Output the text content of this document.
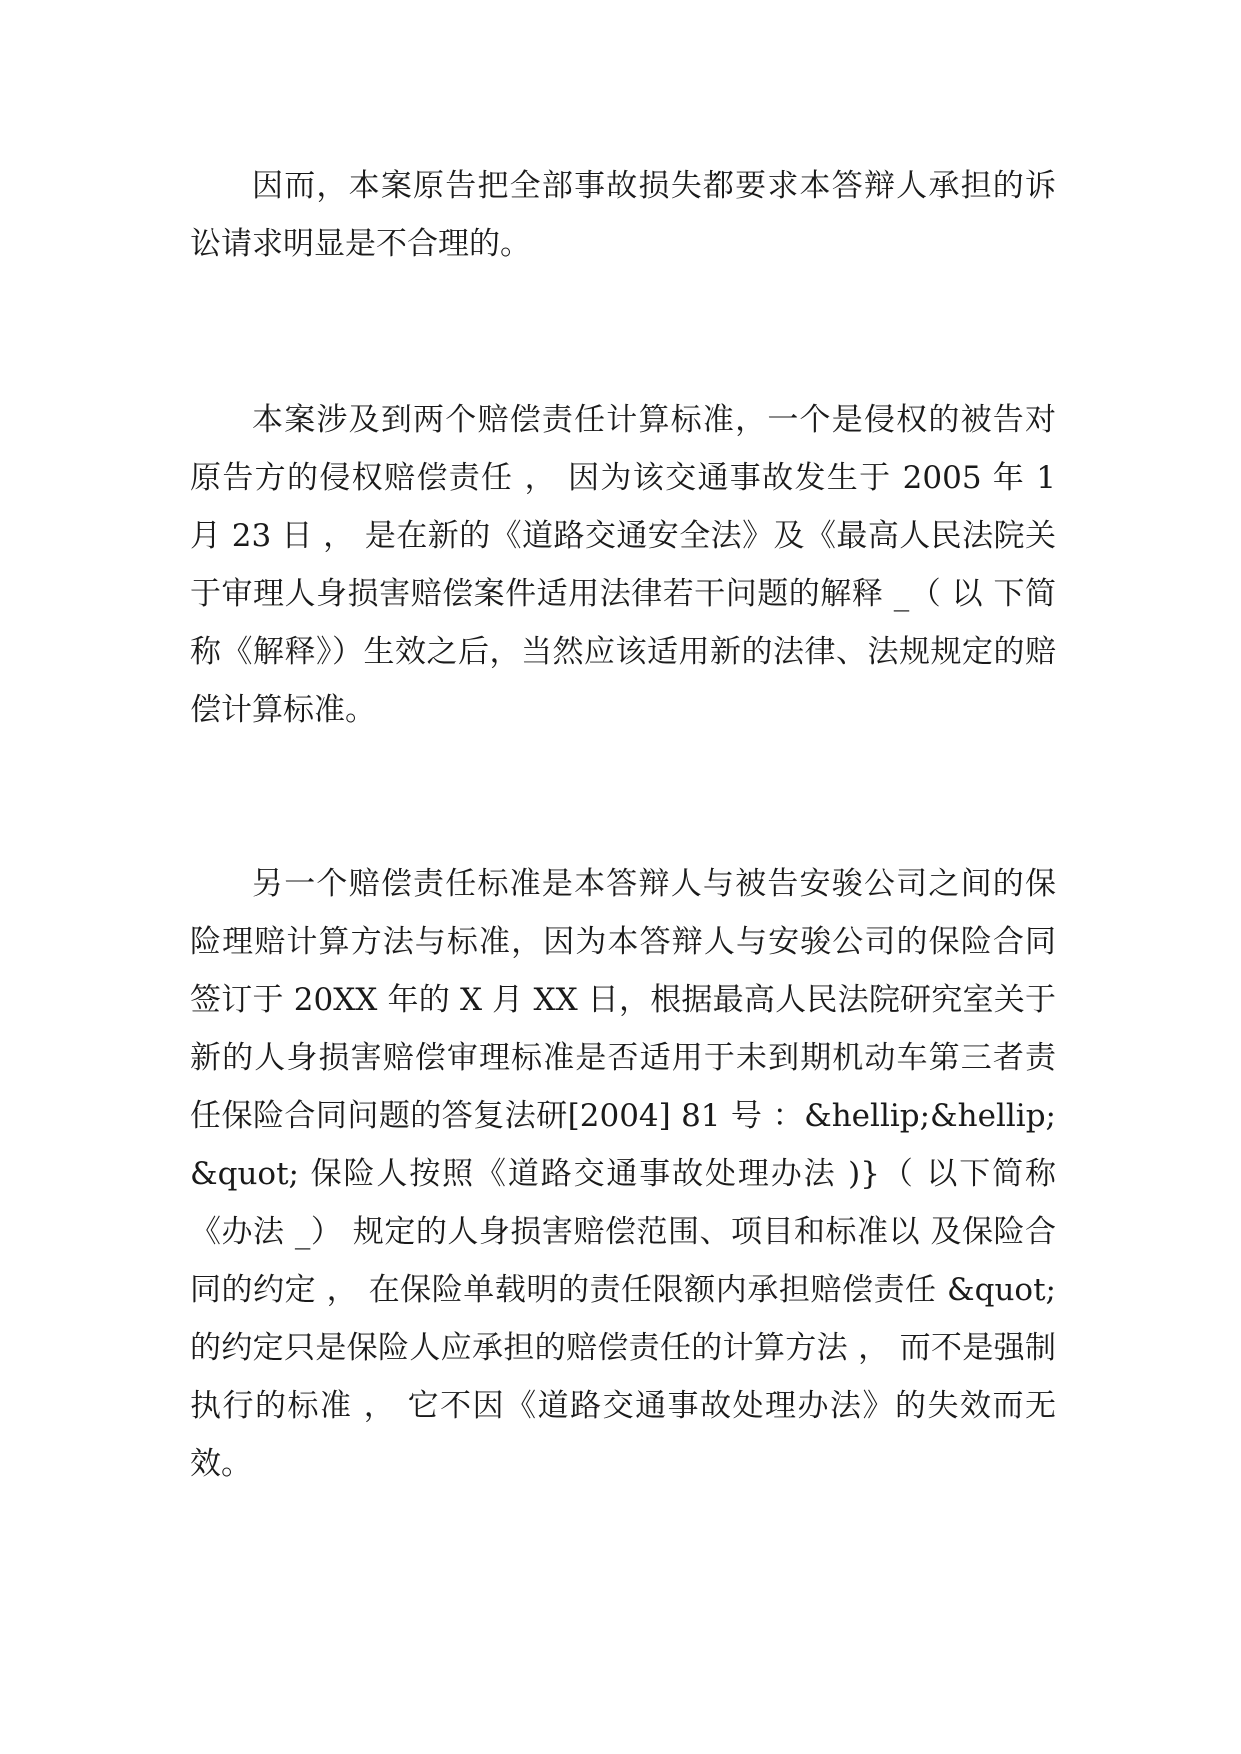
因而，本案原告把全部事故损失都要求本答辩人承担的诉讼请求明显是不合理的。

本案涉及到两个赔偿责任计算标准，一个是侵权的被告对原告方的侵权赔偿责任 ， 因为该交通事故发生于 2005 年 1 月 23 日 ， 是在新的《道路交通安全法》及《最高人民法院关于审理人身损害赔偿案件适用法律若干问题的解释 _（ 以 下简称《解释》）生效之后，当然应该适用新的法律、法规规定的赔偿计算标准。

另一个赔偿责任标准是本答辩人与被告安骏公司之间的保险理赔计算方法与标准，因为本答辩人与安骏公司的保险合同签订于 20XX 年的 X 月 XX 日，根据最高人民法院研究室关于新的人身损害赔偿审理标准是否适用于未到期机动车第三者责任保险合同问题的答复法研[2004] 81 号 ：&hellip;&hellip; &quot; 保险人按照《道路交通事故处理办法 )}（ 以下简称《办法 _） 规定的人身损害赔偿范围、项目和标准以 及保险合同的约定 ， 在保险单载明的责任限额内承担赔偿责任 &quot; 的约定只是保险人应承担的赔偿责任的计算方法 ， 而不是强制执行的标准 ， 它不因《道路交通事故处理办法》的失效而无效。
